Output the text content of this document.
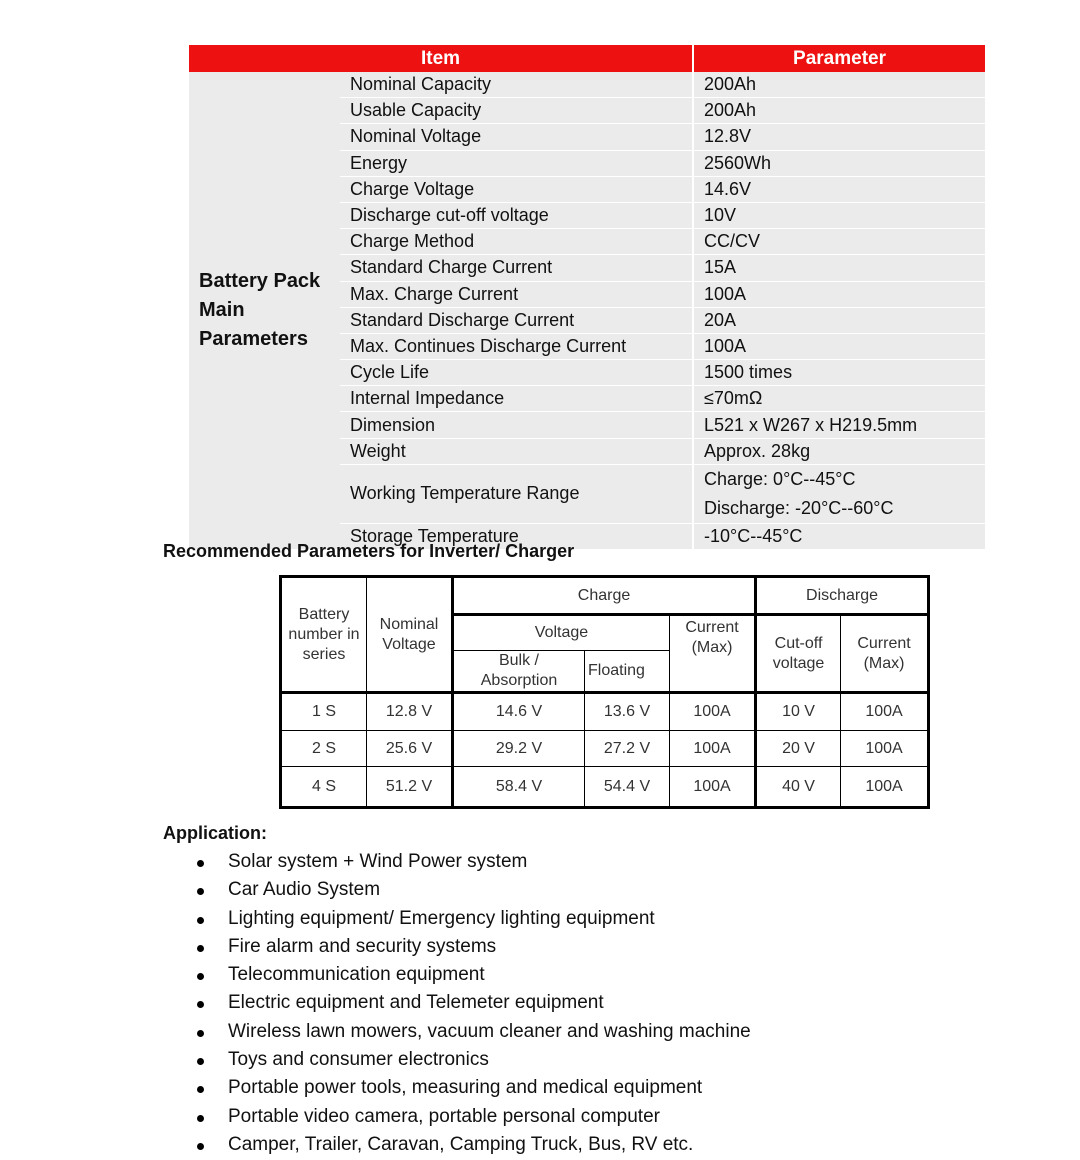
Item		Parameter
Battery Pack Main Parameters	Nominal Capacity	200Ah
	Usable Capacity	200Ah
	Nominal Voltage	12.8V
	Energy	2560Wh
	Charge Voltage	14.6V
	Discharge cut-off voltage	10V
	Charge Method	CC/CV
	Standard Charge Current	15A
	Max. Charge Current	100A
	Standard Discharge Current	20A
	Max. Continues Discharge Current	100A
	Cycle Life	1500 times
	Internal Impedance	≤70mΩ
	Dimension	L521 x W267 x H219.5mm
	Weight	Approx. 28kg
	Working Temperature Range	Charge: 0°C--45°C
Discharge: -20°C--60°C

	Storage Temperature	-10°C--45°C
Recommended Parameters for Inverter/ Charger
Battery number in series	Nominal Voltage	Charge			Discharge	
		Voltage		Current (Max)	Cut-off voltage	Current (Max)
		Bulk / Absorption	Floating			
1 S	12.8 V	14.6 V	13.6 V	100A	10 V	100A
2 S	25.6 V	29.2 V	27.2 V	100A	20 V	100A
4 S	51.2 V	58.4 V	54.4 V	100A	40 V	100A
Application:
Solar system + Wind Power system
Car Audio System
Lighting equipment/ Emergency lighting equipment
Fire alarm and security systems
Telecommunication equipment
Electric equipment and Telemeter equipment
Wireless lawn mowers, vacuum cleaner and washing machine
Toys and consumer electronics
Portable power tools, measuring and medical equipment
Portable video camera, portable personal computer
Camper, Trailer, Caravan, Camping Truck, Bus, RV etc.
